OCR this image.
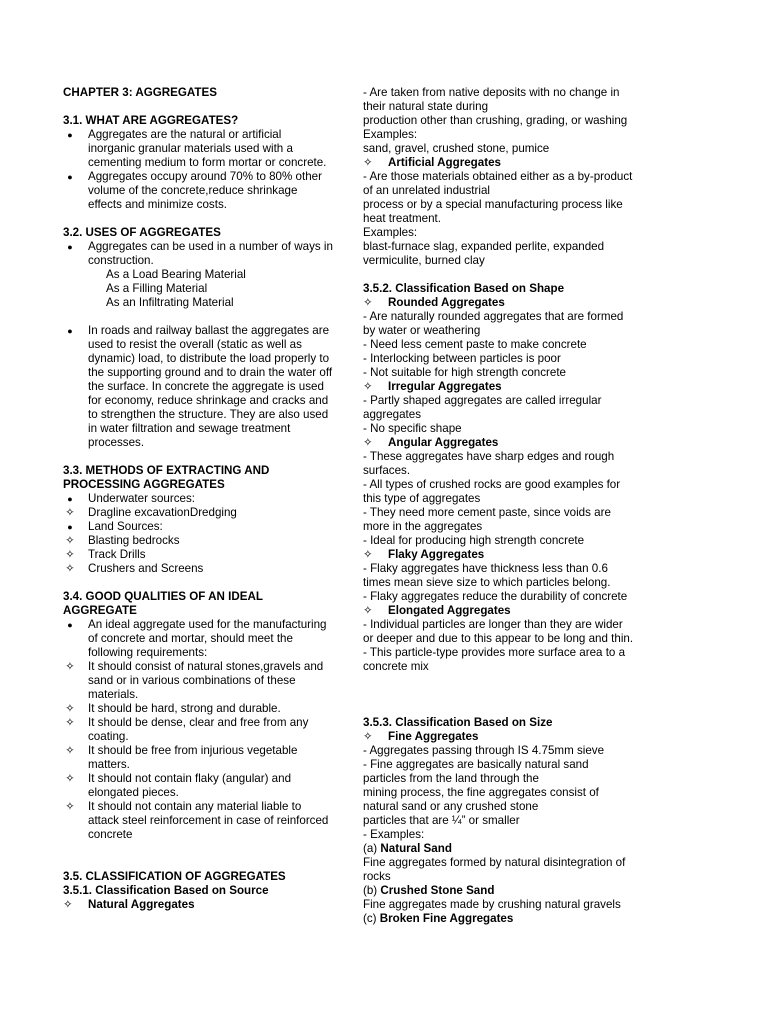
CHAPTER 3: AGGREGATES
3.1. WHAT ARE AGGREGATES?
●	Aggregates are the natural or artificial
inorganic granular materials used with a
cementing medium to form mortar or concrete.
●	Aggregates occupy around 70% to 80% other
volume of the concrete,reduce shrinkage
effects and minimize costs.
3.2. USES OF AGGREGATES
●	Aggregates can be used in a number of ways in
construction.
As a Load Bearing Material
As a Filling Material
As an Infiltrating Material
●	In roads and railway ballast the aggregates are
used to resist the overall (static as well as
dynamic) load, to distribute the load properly to
the supporting ground and to drain the water off
the surface. In concrete the aggregate is used
for economy, reduce shrinkage and cracks and
to strengthen the structure. They are also used
in water filtration and sewage treatment
processes.
3.3. METHODS OF EXTRACTING AND
PROCESSING AGGREGATES
●	Underwater sources:
✧ Dragline excavationDredging
●	Land Sources:
✧ Blasting bedrocks
✧ Track Drills
✧ Crushers and Screens
3.4. GOOD QUALITIES OF AN IDEAL
AGGREGATE
●	An ideal aggregate used for the manufacturing
of concrete and mortar, should meet the
following requirements:
✧ It should consist of natural stones,gravels and
sand or in various combinations of these
materials.
✧ It should be hard, strong and durable.
✧ It should be dense, clear and free from any
coating.
✧ It should be free from injurious vegetable
matters.
✧ It should not contain flaky (angular) and
elongated pieces.
✧ It should not contain any material liable to
attack steel reinforcement in case of reinforced
concrete
3.5. CLASSIFICATION OF AGGREGATES
3.5.1. Classification Based on Source
✧ Natural Aggregates
- Are taken from native deposits with no change in
their natural state during
production other than crushing, grading, or washing
Examples:
sand, gravel, crushed stone, pumice
✧ Artificial Aggregates
- Are those materials obtained either as a by-product
of an unrelated industrial
process or by a special manufacturing process like
heat treatment.
Examples:
blast-furnace slag, expanded perlite, expanded
vermiculite, burned clay
3.5.2. Classification Based on Shape
✧ Rounded Aggregates
- Are naturally rounded aggregates that are formed
by water or weathering
- Need less cement paste to make concrete
- Interlocking between particles is poor
- Not suitable for high strength concrete
✧ Irregular Aggregates
- Partly shaped aggregates are called irregular
aggregates
- No specific shape
✧ Angular Aggregates
- These aggregates have sharp edges and rough
surfaces.
- All types of crushed rocks are good examples for
this type of aggregates
- They need more cement paste, since voids are
more in the aggregates
- Ideal for producing high strength concrete
✧ Flaky Aggregates
- Flaky aggregates have thickness less than 0.6
times mean sieve size to which particles belong.
- Flaky aggregates reduce the durability of concrete
✧ Elongated Aggregates
- Individual particles are longer than they are wider
or deeper and due to this appear to be long and thin.
- This particle-type provides more surface area to a
concrete mix
3.5.3. Classification Based on Size
✧ Fine Aggregates
- Aggregates passing through IS 4.75mm sieve
- Fine aggregates are basically natural sand
particles from the land through the
mining process, the fine aggregates consist of
natural sand or any crushed stone
particles that are ¼” or smaller
- Examples:
(a) Natural Sand
Fine aggregates formed by natural disintegration of
rocks
(b) Crushed Stone Sand
Fine aggregates made by crushing natural gravels
(c) Broken Fine Aggregates
